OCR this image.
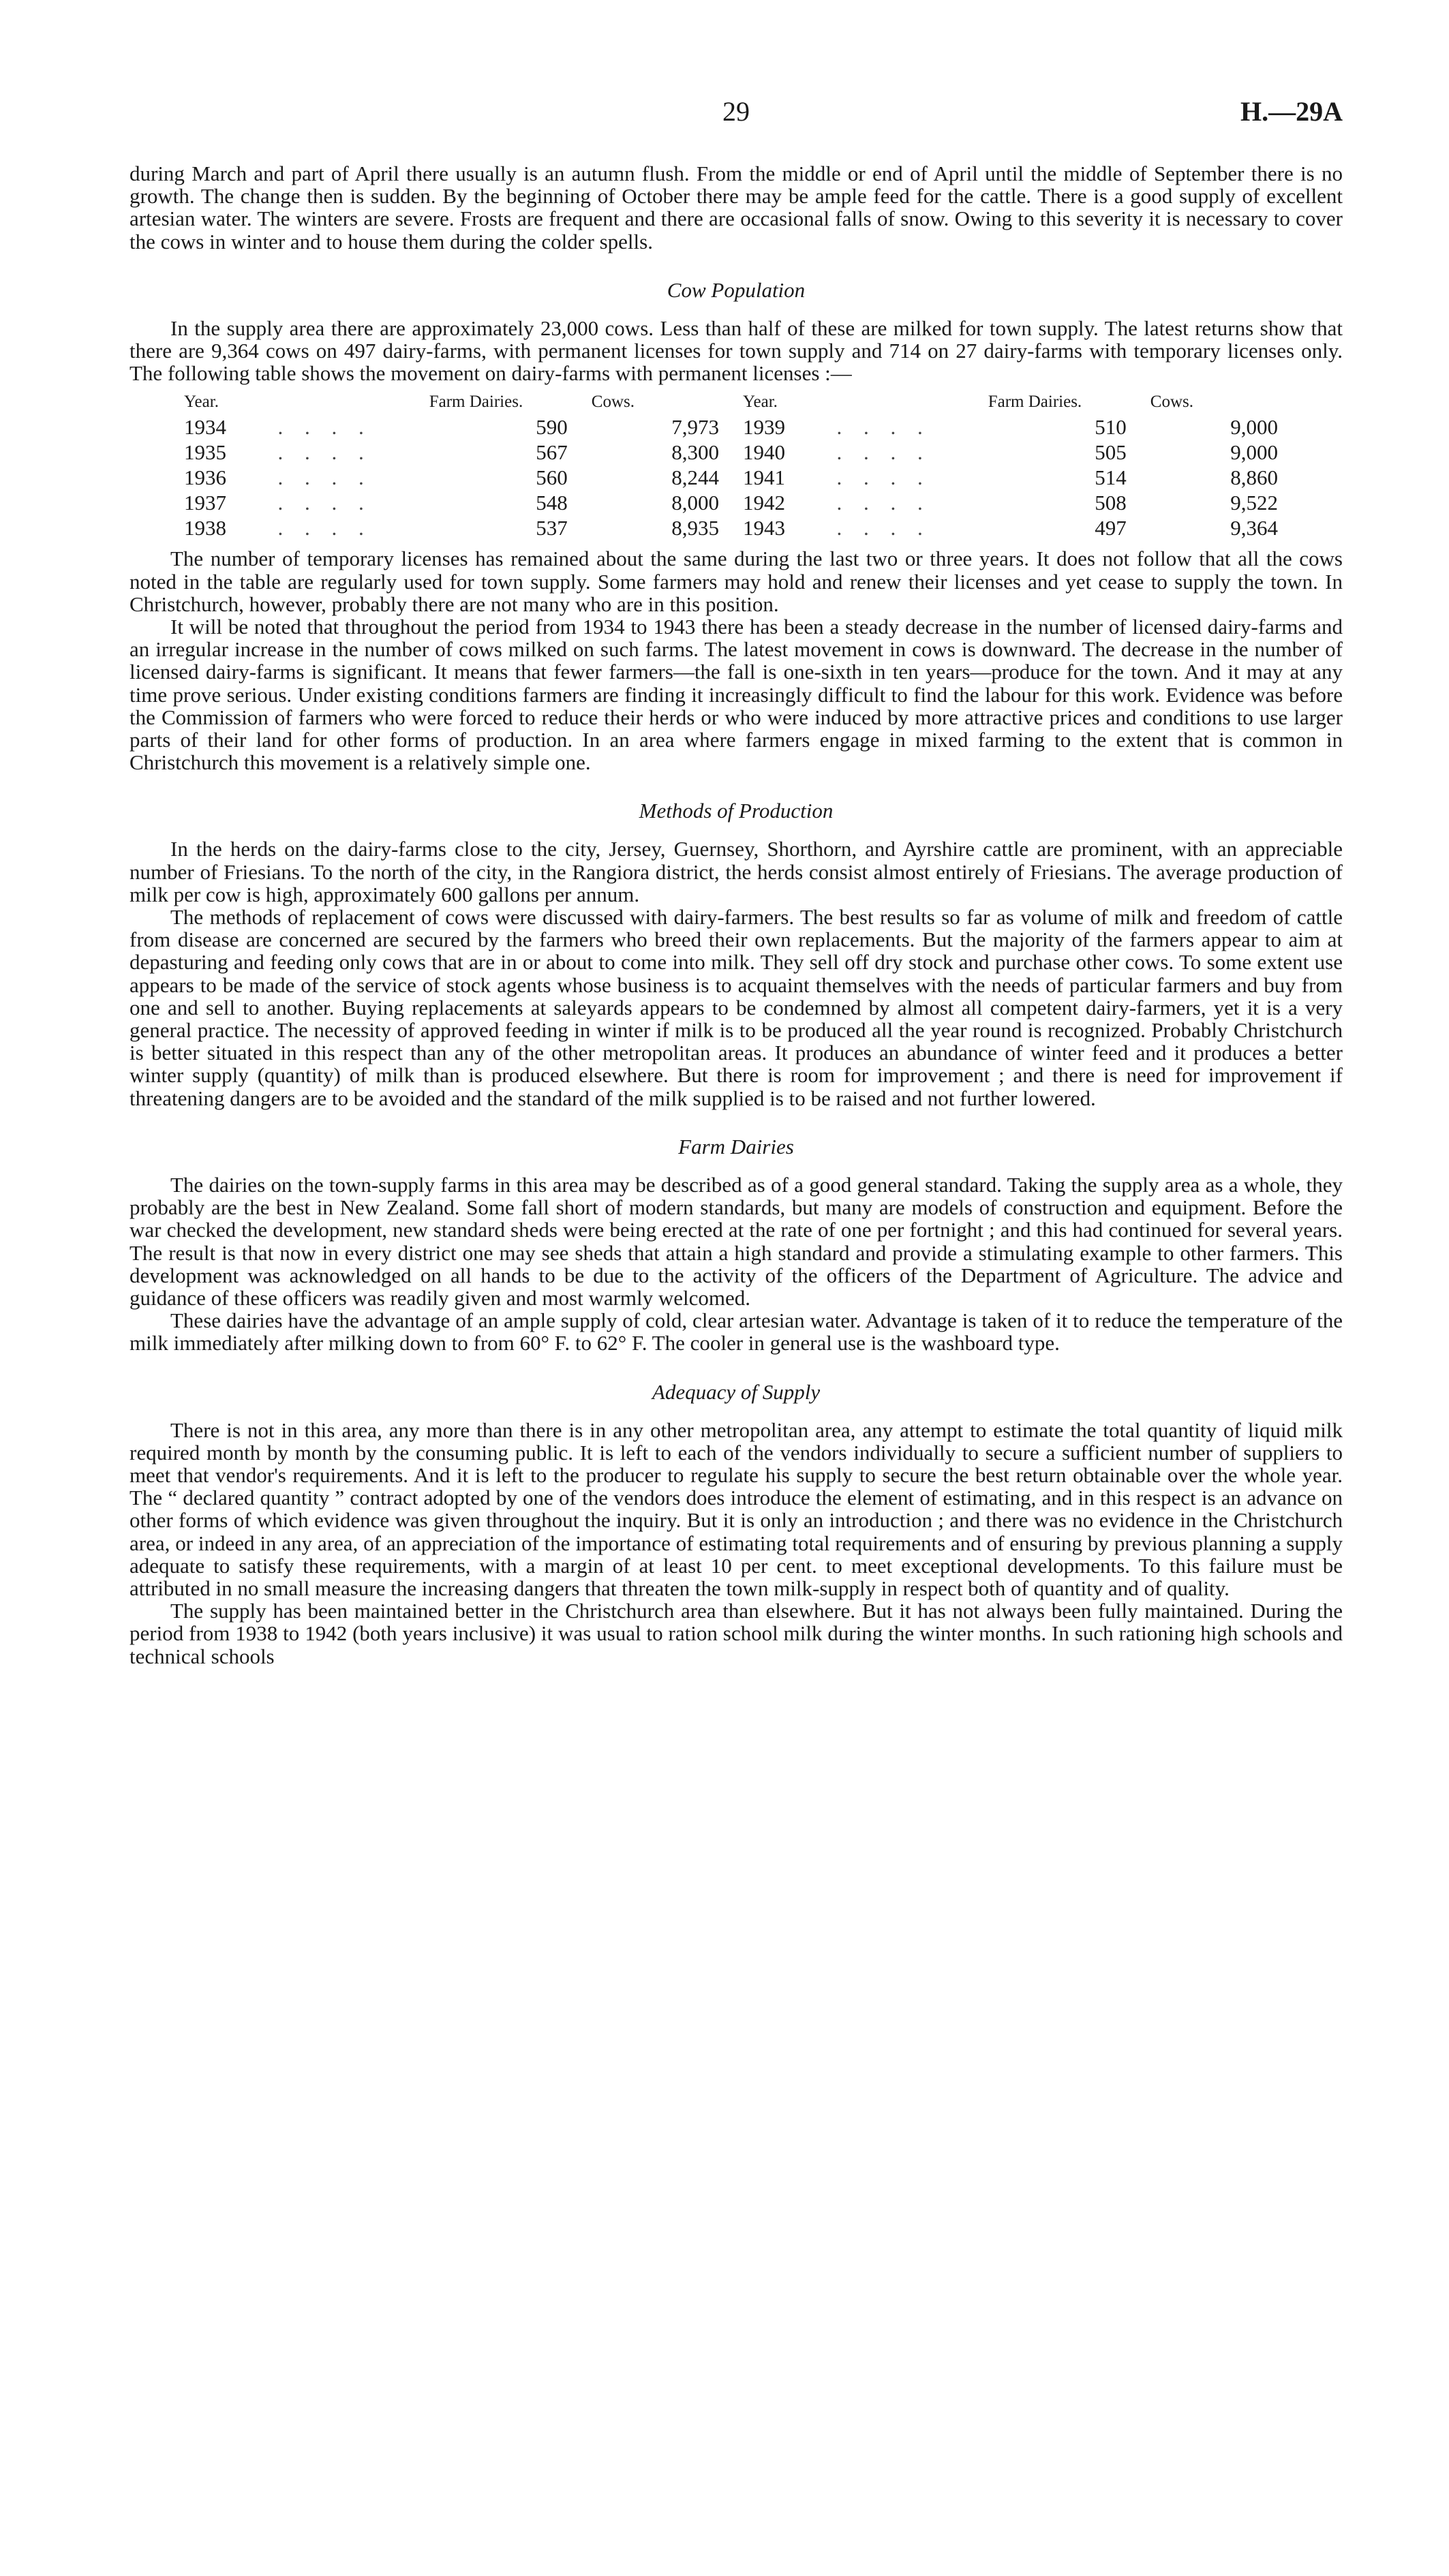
29	H.—29A

during March and part of April there usually is an autumn flush. From the middle or end of April until the middle of September there is no growth. The change then is sudden. By the beginning of October there may be ample feed for the cattle. There is a good supply of excellent artesian water. The winters are severe. Frosts are frequent and there are occasional falls of snow. Owing to this severity it is necessary to cover the cows in winter and to house them during the colder spells.

Cow Population

In the supply area there are approximately 23,000 cows. Less than half of these are milked for town supply. The latest returns show that there are 9,364 cows on 497 dairy-farms, with permanent licenses for town supply and 714 on 27 dairy-farms with temporary licenses only. The following table shows the movement on dairy-farms with permanent licenses :—

Year.		Farm Dairies.	Cows.	Year.		Farm Dairies.	Cows.
1934	. . . .	590	7,973	1939	. . . .	510	9,000
1935	. . . .	567	8,300	1940	. . . .	505	9,000
1936	. . . .	560	8,244	1941	. . . .	514	8,860
1937	. . . .	548	8,000	1942	. . . .	508	9,522
1938	. . . .	537	8,935	1943	. . . .	497	9,364

The number of temporary licenses has remained about the same during the last two or three years. It does not follow that all the cows noted in the table are regularly used for town supply. Some farmers may hold and renew their licenses and yet cease to supply the town. In Christchurch, however, probably there are not many who are in this position.

It will be noted that throughout the period from 1934 to 1943 there has been a steady decrease in the number of licensed dairy-farms and an irregular increase in the number of cows milked on such farms. The latest movement in cows is downward. The decrease in the number of licensed dairy-farms is significant. It means that fewer farmers—the fall is one-sixth in ten years—produce for the town. And it may at any time prove serious. Under existing conditions farmers are finding it increasingly difficult to find the labour for this work. Evidence was before the Commission of farmers who were forced to reduce their herds or who were induced by more attractive prices and conditions to use larger parts of their land for other forms of production. In an area where farmers engage in mixed farming to the extent that is common in Christchurch this movement is a relatively simple one.

Methods of Production

In the herds on the dairy-farms close to the city, Jersey, Guernsey, Shorthorn, and Ayrshire cattle are prominent, with an appreciable number of Friesians. To the north of the city, in the Rangiora district, the herds consist almost entirely of Friesians. The average production of milk per cow is high, approximately 600 gallons per annum.

The methods of replacement of cows were discussed with dairy-farmers. The best results so far as volume of milk and freedom of cattle from disease are concerned are secured by the farmers who breed their own replacements. But the majority of the farmers appear to aim at depasturing and feeding only cows that are in or about to come into milk. They sell off dry stock and purchase other cows. To some extent use appears to be made of the service of stock agents whose business is to acquaint themselves with the needs of particular farmers and buy from one and sell to another. Buying replacements at saleyards appears to be condemned by almost all competent dairy-farmers, yet it is a very general practice. The necessity of approved feeding in winter if milk is to be produced all the year round is recognized. Probably Christchurch is better situated in this respect than any of the other metropolitan areas. It produces an abundance of winter feed and it produces a better winter supply (quantity) of milk than is produced elsewhere. But there is room for improvement ; and there is need for improvement if threatening dangers are to be avoided and the standard of the milk supplied is to be raised and not further lowered.

Farm Dairies

The dairies on the town-supply farms in this area may be described as of a good general standard. Taking the supply area as a whole, they probably are the best in New Zealand. Some fall short of modern standards, but many are models of construction and equipment. Before the war checked the development, new standard sheds were being erected at the rate of one per fortnight ; and this had continued for several years. The result is that now in every district one may see sheds that attain a high standard and provide a stimulating example to other farmers. This development was acknowledged on all hands to be due to the activity of the officers of the Department of Agriculture. The advice and guidance of these officers was readily given and most warmly welcomed.

These dairies have the advantage of an ample supply of cold, clear artesian water. Advantage is taken of it to reduce the temperature of the milk immediately after milking down to from 60° F. to 62° F. The cooler in general use is the washboard type.

Adequacy of Supply

There is not in this area, any more than there is in any other metropolitan area, any attempt to estimate the total quantity of liquid milk required month by month by the consuming public. It is left to each of the vendors individually to secure a sufficient number of suppliers to meet that vendor's requirements. And it is left to the producer to regulate his supply to secure the best return obtainable over the whole year. The “ declared quantity ” contract adopted by one of the vendors does introduce the element of estimating, and in this respect is an advance on other forms of which evidence was given throughout the inquiry. But it is only an introduction ; and there was no evidence in the Christchurch area, or indeed in any area, of an appreciation of the importance of estimating total requirements and of ensuring by previous planning a supply adequate to satisfy these requirements, with a margin of at least 10 per cent. to meet exceptional developments. To this failure must be attributed in no small measure the increasing dangers that threaten the town milk-supply in respect both of quantity and of quality.

The supply has been maintained better in the Christchurch area than elsewhere. But it has not always been fully maintained. During the period from 1938 to 1942 (both years inclusive) it was usual to ration school milk during the winter months. In such rationing high schools and technical schools
